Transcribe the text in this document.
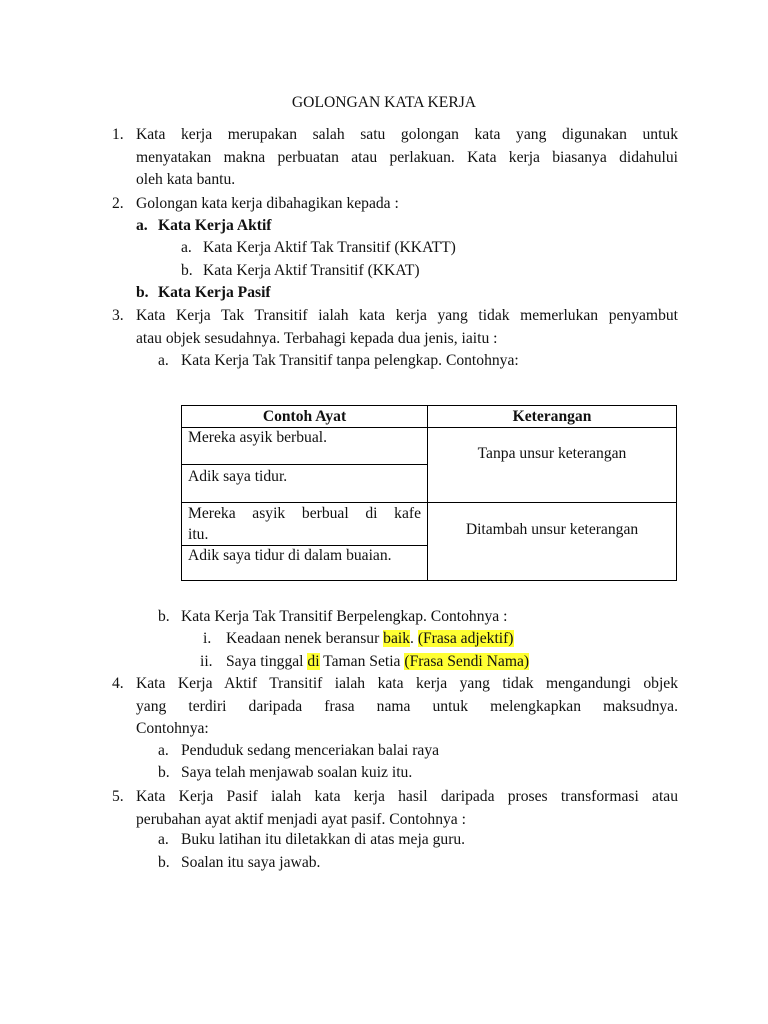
GOLONGAN KATA KERJA
1. Kata kerja merupakan salah satu golongan kata yang digunakan untuk
menyatakan makna perbuatan atau perlakuan. Kata kerja biasanya didahului
oleh kata bantu.
2. Golongan kata kerja dibahagikan kepada :
a. Kata Kerja Aktif
a. Kata Kerja Aktif Tak Transitif (KKATT)
b. Kata Kerja Aktif Transitif (KKAT)
b. Kata Kerja Pasif
3. Kata Kerja Tak Transitif ialah kata kerja yang tidak memerlukan penyambut
atau objek sesudahnya. Terbahagi kepada dua jenis, iaitu :
a. Kata Kerja Tak Transitif tanpa pelengkap. Contohnya:
Contoh Ayat	Keterangan
Mereka asyik berbual.
Adik saya tidur.
Mereka asyik berbual di kafe
itu.
Adik saya tidur di dalam buaian.
Tanpa unsur keterangan
Ditambah unsur keterangan
b. Kata Kerja Tak Transitif Berpelengkap. Contohnya :
i. Keadaan nenek beransur baik. (Frasa adjektif)
ii. Saya tinggal di Taman Setia (Frasa Sendi Nama)
4. Kata Kerja Aktif Transitif ialah kata kerja yang tidak mengandungi objek
yang terdiri daripada frasa nama untuk melengkapkan maksudnya.
Contohnya:
a. Penduduk sedang menceriakan balai raya
b. Saya telah menjawab soalan kuiz itu.
5. Kata Kerja Pasif ialah kata kerja hasil daripada proses transformasi atau
perubahan ayat aktif menjadi ayat pasif. Contohnya :
a. Buku latihan itu diletakkan di atas meja guru.
b. Soalan itu saya jawab.
